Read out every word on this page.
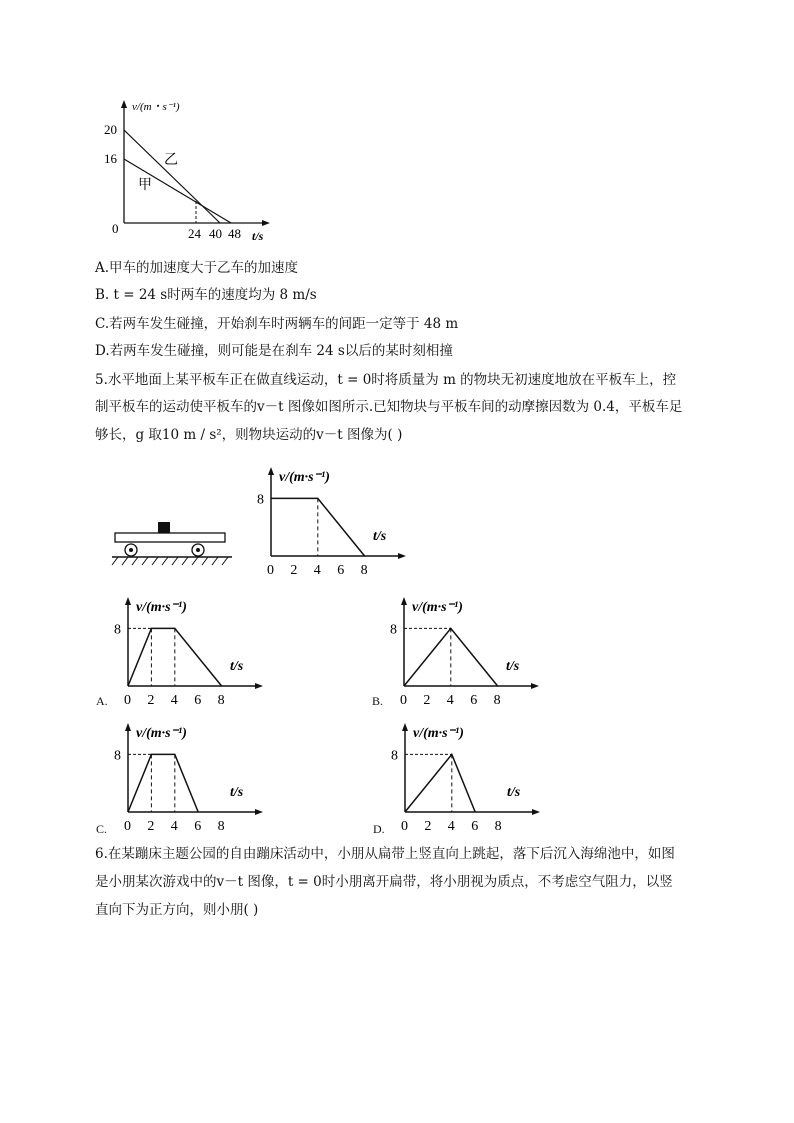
v/(m・s⁻¹)
20
16
0	24 40 48 t/s
乙
甲
A.甲车的加速度大于乙车的加速度
B. t = 24 s时两车的速度均为 8 m/s
C.若两车发生碰撞，开始刹车时两辆车的间距一定等于 48 m
D.若两车发生碰撞，则可能是在刹车 24 s以后的某时刻相撞
5.水平地面上某平板车正在做直线运动，t = 0时将质量为 m 的物块无初速度地放在平板车上，控
制平板车的运动使平板车的v－t 图像如图所示.已知物块与平板车间的动摩擦因数为 0.4，平板车足
够长，g 取10 m / s²，则物块运动的v－t 图像为( )
v/(m·s⁻¹)
t/s
8
0 2 4 6 8
v/(m·s⁻¹)
t/s
8
0 2 4 6 8
A.
v/(m·s⁻¹)
t/s
8
0 2 4 6 8
B.
v/(m·s⁻¹)
t/s
8
0 2 4 6 8
C.
v/(m·s⁻¹)
t/s
8
0 2 4 6 8
D.
6.在某蹦床主题公园的自由蹦床活动中，小朋从扁带上竖直向上跳起，落下后沉入海绵池中，如图
是小朋某次游戏中的v－t 图像，t = 0时小朋离开扁带，将小朋视为质点，不考虑空气阻力，以竖
直向下为正方向，则小朋( )
